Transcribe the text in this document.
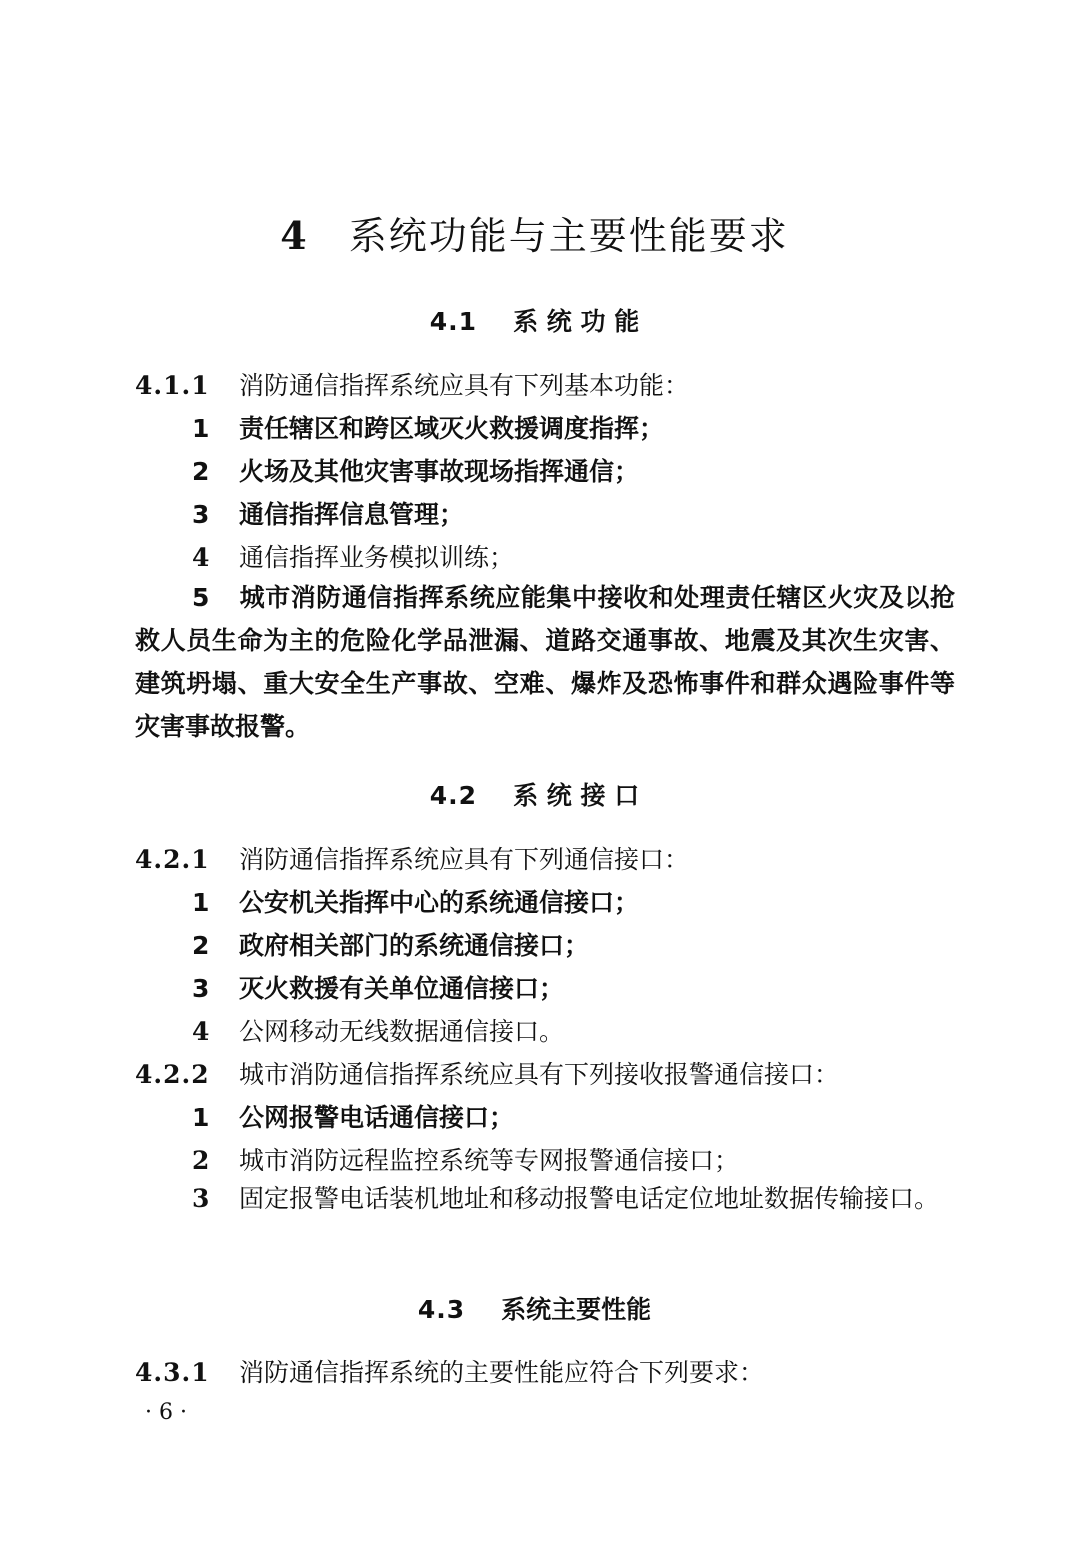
4 系统功能与主要性能要求
4.1 系 统 功 能
4.1.1 消防通信指挥系统应具有下列基本功能：
1 责任辖区和跨区域灭火救援调度指挥；
2 火场及其他灾害事故现场指挥通信；
3 通信指挥信息管理；
4 通信指挥业务模拟训练；
5 城市消防通信指挥系统应能集中接收和处理责任辖区火灾及以抢救人员生命为主的危险化学品泄漏、道路交通事故、地震及其次生灾害、建筑坍塌、重大安全生产事故、空难、爆炸及恐怖事件和群众遇险事件等灾害事故报警。
4.2 系 统 接 口
4.2.1 消防通信指挥系统应具有下列通信接口：
1 公安机关指挥中心的系统通信接口；
2 政府相关部门的系统通信接口；
3 灭火救援有关单位通信接口；
4 公网移动无线数据通信接口。
4.2.2 城市消防通信指挥系统应具有下列接收报警通信接口：
1 公网报警电话通信接口；
2 城市消防远程监控系统等专网报警通信接口；
3 固定报警电话装机地址和移动报警电话定位地址数据传输接口。
4.3 系统主要性能
4.3.1 消防通信指挥系统的主要性能应符合下列要求：
· 6 ·
